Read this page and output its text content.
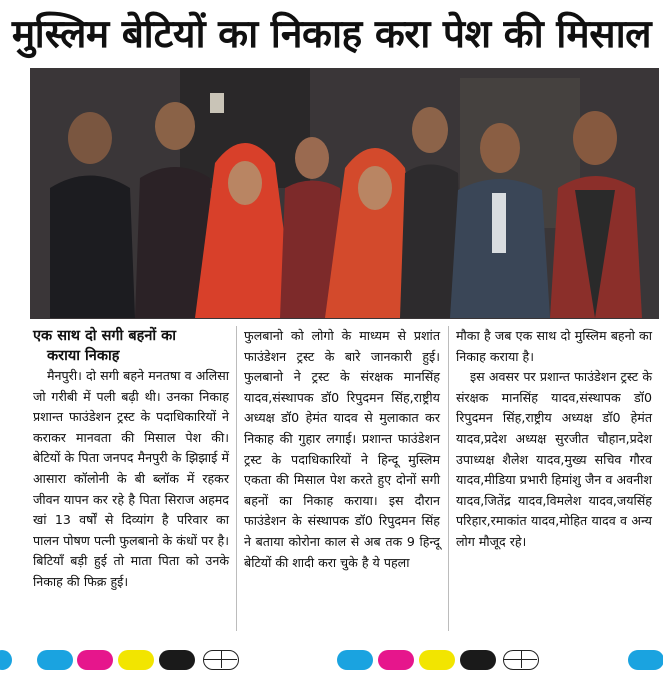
मुस्लिम बेटियों का निकाह करा पेश की मिसाल

एक साथ दो सगी बहनों का
कराया निकाह

मैनपुरी। दो सगी बहने मनतषा व अलिसा जो गरीबी में पली बढ़ी थी। उनका निकाह प्रशान्त फाउंडेशन ट्रस्ट के पदाधिकारियों ने कराकर मानवता की मिसाल पेश की। बेटियों के पिता जनपद मैनपुरी के झिझाई में आसारा कॉलोनी के बी ब्लॉक में रहकर जीवन यापन कर रहे है पिता सिराज अहमद खां 13 वर्षों से दिव्यांग है परिवार का पालन पोषण पत्नी फुलबानो के कंधों पर है। बिटियाँ बड़ी हुई तो माता पिता को उनके निकाह की फिक्र हुई।

फुलबानो को लोगो के माध्यम से प्रशांत फाउंडेशन ट्रस्ट के बारे जानकारी हुई। फुलबानो ने ट्रस्ट के संरक्षक मानसिंह यादव,संस्थापक डॉ0 रिपुदमन सिंह,राष्ट्रीय अध्यक्ष डॉ0 हेमंत यादव से मुलाकात कर निकाह की गुहार लगाई। प्रशान्त फाउंडेशन ट्रस्ट के पदाधिकारियों ने हिन्दू मुस्लिम एकता की मिसाल पेश करते हुए दोनों सगी बहनों का निकाह कराया। इस दौरान फाउंडेशन के संस्थापक डॉ0 रिपुदमन सिंह ने बताया कोरोना काल से अब तक 9 हिन्दू बेटियों की शादी करा चुके है ये पहला

मौका है जब एक साथ दो मुस्लिम बहनो का निकाह कराया है।

इस अवसर पर प्रशान्त फाउंडेशन ट्रस्ट के संरक्षक मानसिंह यादव,संस्थापक डॉ0 रिपुदमन सिंह,राष्ट्रीय अध्यक्ष डॉ0 हेमंत यादव,प्रदेश अध्यक्ष सुरजीत चौहान,प्रदेश उपाध्यक्ष शैलेश यादव,मुख्य सचिव गौरव यादव,मीडिया प्रभारी हिमांशु जैन व अवनीश यादव,जितेंद्र यादव,विमलेश यादव,जयसिंह परिहार,रमाकांत यादव,मोहित यादव व अन्य लोग मौजूद रहे।
